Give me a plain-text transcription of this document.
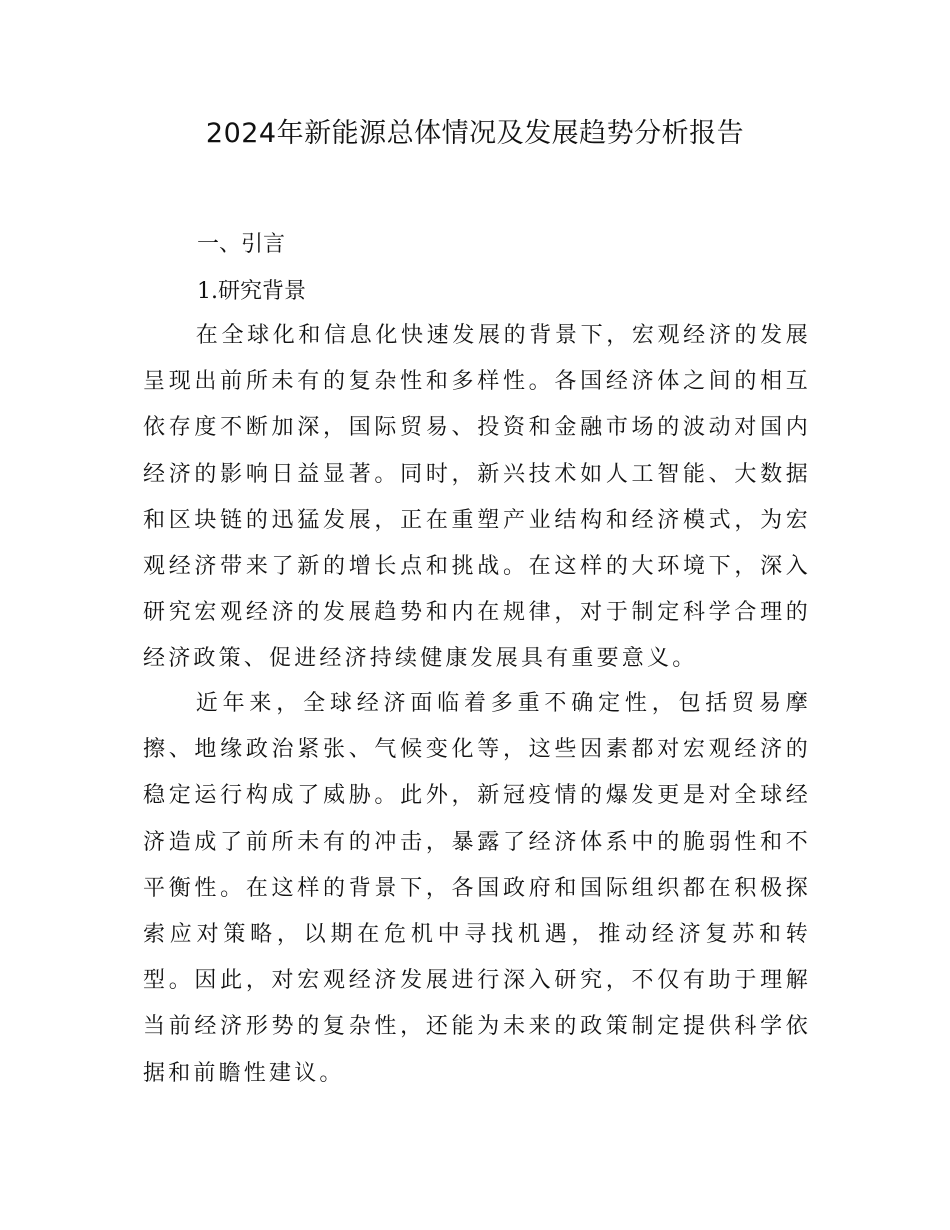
2024年新能源总体情况及发展趋势分析报告
一、引言
1.研究背景

在全球化和信息化快速发展的背景下，宏观经济的发展呈现出前所未有的复杂性和多样性。各国经济体之间的相互依存度不断加深，国际贸易、投资和金融市场的波动对国内经济的影响日益显著。同时，新兴技术如人工智能、大数据和区块链的迅猛发展，正在重塑产业结构和经济模式，为宏观经济带来了新的增长点和挑战。在这样的大环境下，深入研究宏观经济的发展趋势和内在规律，对于制定科学合理的经济政策、促进经济持续健康发展具有重要意义。

近年来，全球经济面临着多重不确定性，包括贸易摩擦、地缘政治紧张、气候变化等，这些因素都对宏观经济的稳定运行构成了威胁。此外，新冠疫情的爆发更是对全球经济造成了前所未有的冲击，暴露了经济体系中的脆弱性和不平衡性。在这样的背景下，各国政府和国际组织都在积极探索应对策略，以期在危机中寻找机遇，推动经济复苏和转型。因此，对宏观经济发展进行深入研究，不仅有助于理解当前经济形势的复杂性，还能为未来的政策制定提供科学依据和前瞻性建议。
